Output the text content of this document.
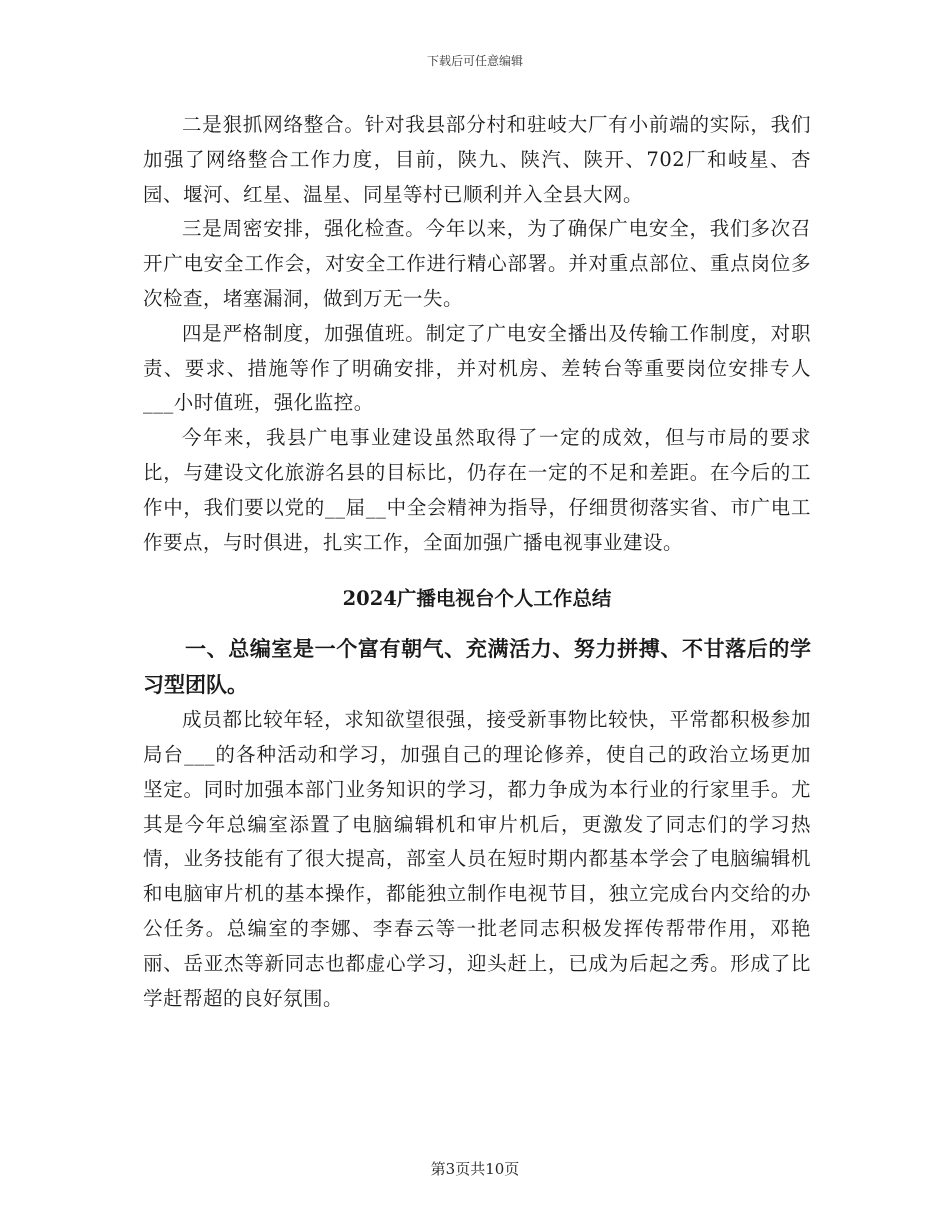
下载后可任意编辑

二是狠抓网络整合。针对我县部分村和驻岐大厂有小前端的实际，我们加强了网络整合工作力度，目前，陕九、陕汽、陕开、702厂和岐星、杏园、堰河、红星、温星、同星等村已顺利并入全县大网。

三是周密安排，强化检查。今年以来，为了确保广电安全，我们多次召开广电安全工作会，对安全工作进行精心部署。并对重点部位、重点岗位多次检查，堵塞漏洞，做到万无一失。

四是严格制度，加强值班。制定了广电安全播出及传输工作制度，对职责、要求、措施等作了明确安排，并对机房、差转台等重要岗位安排专人___小时值班，强化监控。

今年来，我县广电事业建设虽然取得了一定的成效，但与市局的要求比，与建设文化旅游名县的目标比，仍存在一定的不足和差距。在今后的工作中，我们要以党的__届__中全会精神为指导，仔细贯彻落实省、市广电工作要点，与时俱进，扎实工作，全面加强广播电视事业建设。

2024广播电视台个人工作总结

一、总编室是一个富有朝气、充满活力、努力拼搏、不甘落后的学习型团队。

成员都比较年轻，求知欲望很强，接受新事物比较快，平常都积极参加局台___的各种活动和学习，加强自己的理论修养，使自己的政治立场更加坚定。同时加强本部门业务知识的学习，都力争成为本行业的行家里手。尤其是今年总编室添置了电脑编辑机和审片机后，更激发了同志们的学习热情，业务技能有了很大提高，部室人员在短时期内都基本学会了电脑编辑机和电脑审片机的基本操作，都能独立制作电视节目，独立完成台内交给的办公任务。总编室的李娜、李春云等一批老同志积极发挥传帮带作用，邓艳丽、岳亚杰等新同志也都虚心学习，迎头赶上，已成为后起之秀。形成了比学赶帮超的良好氛围。

第3页共10页
